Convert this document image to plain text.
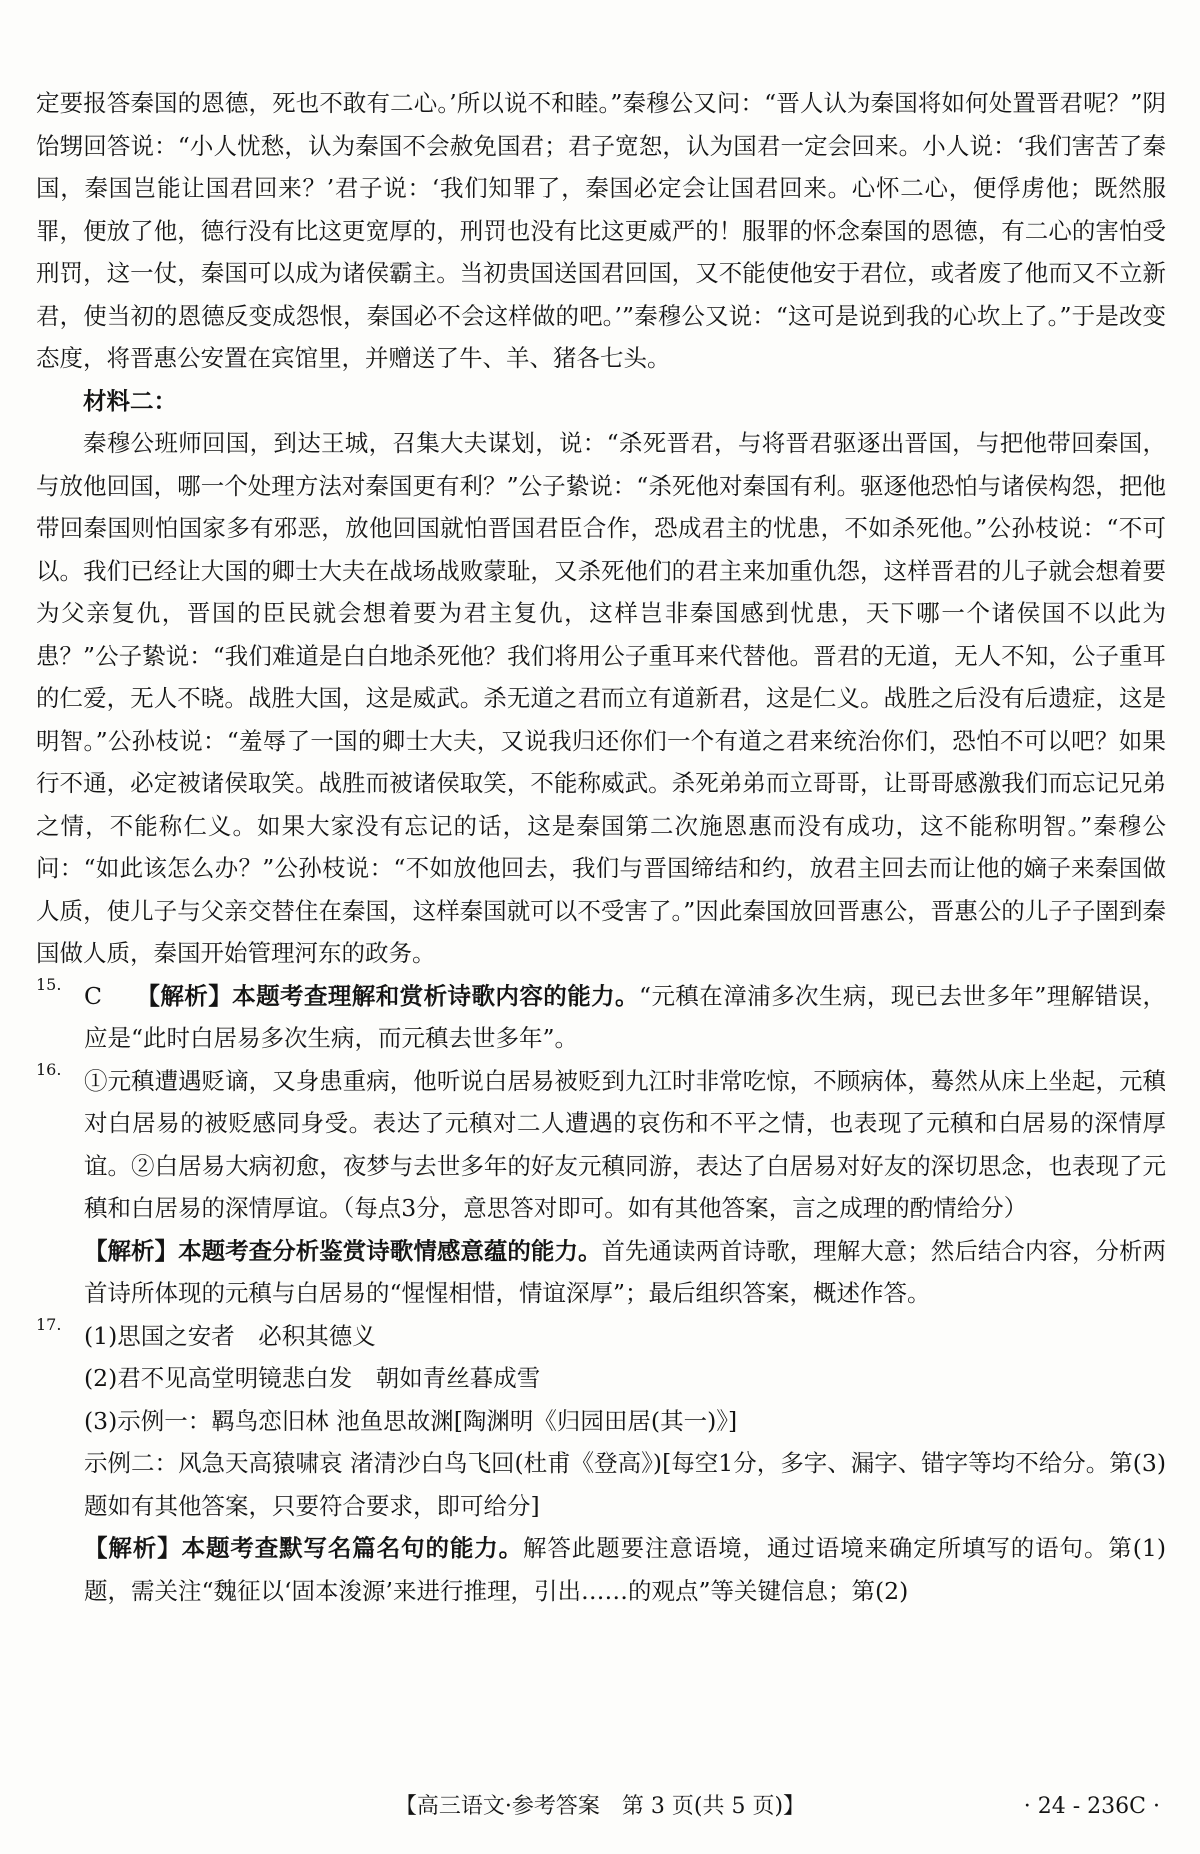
定要报答秦国的恩德，死也不敢有二心。’所以说不和睦。”秦穆公又问：“晋人认为秦国将如何处置晋君呢？”阴饴甥回答说：“小人忧愁，认为秦国不会赦免国君；君子宽恕，认为国君一定会回来。小人说：‘我们害苦了秦国，秦国岂能让国君回来？’君子说：‘我们知罪了，秦国必定会让国君回来。心怀二心，便俘虏他；既然服罪，便放了他，德行没有比这更宽厚的，刑罚也没有比这更威严的！服罪的怀念秦国的恩德，有二心的害怕受刑罚，这一仗，秦国可以成为诸侯霸主。当初贵国送国君回国，又不能使他安于君位，或者废了他而又不立新君，使当初的恩德反变成怨恨，秦国必不会这样做的吧。’”秦穆公又说：“这可是说到我的心坎上了。”于是改变态度，将晋惠公安置在宾馆里，并赠送了牛、羊、猪各七头。

材料二：

秦穆公班师回国，到达王城，召集大夫谋划，说：“杀死晋君，与将晋君驱逐出晋国，与把他带回秦国，与放他回国，哪一个处理方法对秦国更有利？”公子絷说：“杀死他对秦国有利。驱逐他恐怕与诸侯构怨，把他带回秦国则怕国家多有邪恶，放他回国就怕晋国君臣合作，恐成君主的忧患，不如杀死他。”公孙枝说：“不可以。我们已经让大国的卿士大夫在战场战败蒙耻，又杀死他们的君主来加重仇怨，这样晋君的儿子就会想着要为父亲复仇，晋国的臣民就会想着要为君主复仇，这样岂非秦国感到忧患，天下哪一个诸侯国不以此为患？”公子絷说：“我们难道是白白地杀死他？我们将用公子重耳来代替他。晋君的无道，无人不知，公子重耳的仁爱，无人不晓。战胜大国，这是威武。杀无道之君而立有道新君，这是仁义。战胜之后没有后遗症，这是明智。”公孙枝说：“羞辱了一国的卿士大夫，又说我归还你们一个有道之君来统治你们，恐怕不可以吧？如果行不通，必定被诸侯取笑。战胜而被诸侯取笑，不能称威武。杀死弟弟而立哥哥，让哥哥感激我们而忘记兄弟之情，不能称仁义。如果大家没有忘记的话，这是秦国第二次施恩惠而没有成功，这不能称明智。”秦穆公问：“如此该怎么办？”公孙枝说：“不如放他回去，我们与晋国缔结和约，放君主回去而让他的嫡子来秦国做人质，使儿子与父亲交替住在秦国，这样秦国就可以不受害了。”因此秦国放回晋惠公，晋惠公的儿子子圉到秦国做人质，秦国开始管理河东的政务。

15. C 【解析】本题考查理解和赏析诗歌内容的能力。“元稹在漳浦多次生病，现已去世多年”理解错误，应是“此时白居易多次生病，而元稹去世多年”。

16. ①元稹遭遇贬谪，又身患重病，他听说白居易被贬到九江时非常吃惊，不顾病体，蓦然从床上坐起，元稹对白居易的被贬感同身受。表达了元稹对二人遭遇的哀伤和不平之情，也表现了元稹和白居易的深情厚谊。②白居易大病初愈，夜梦与去世多年的好友元稹同游，表达了白居易对好友的深切思念，也表现了元稹和白居易的深情厚谊。（每点3分，意思答对即可。如有其他答案，言之成理的酌情给分）

【解析】本题考查分析鉴赏诗歌情感意蕴的能力。首先通读两首诗歌，理解大意；然后结合内容，分析两首诗所体现的元稹与白居易的“惺惺相惜，情谊深厚”；最后组织答案，概述作答。

17. (1)思国之安者　必积其德义

(2)君不见高堂明镜悲白发　朝如青丝暮成雪

(3)示例一：羁鸟恋旧林 池鱼思故渊[陶渊明《归园田居(其一)》]

示例二：风急天高猿啸哀 渚清沙白鸟飞回(杜甫《登高》)[每空1分，多字、漏字、错字等均不给分。第(3)题如有其他答案，只要符合要求，即可给分]

【解析】本题考查默写名篇名句的能力。解答此题要注意语境，通过语境来确定所填写的语句。第(1)题，需关注“魏征以‘固本浚源’来进行推理，引出……的观点”等关键信息；第(2)

【高三语文·参考答案　第 3 页(共 5 页)】	· 24 - 236C ·
